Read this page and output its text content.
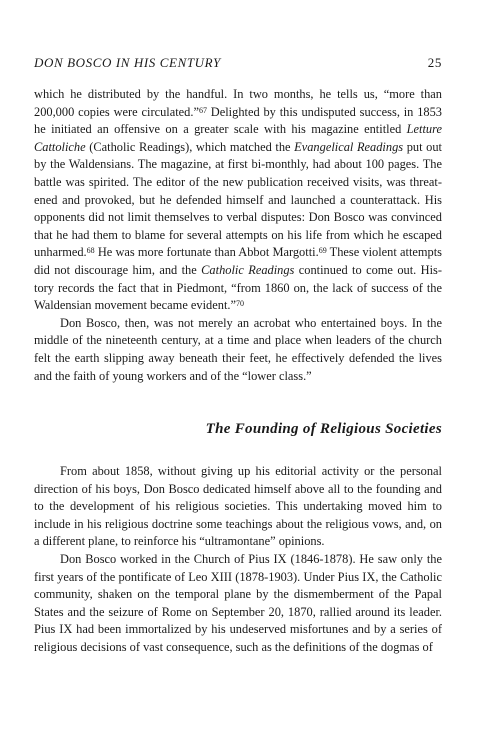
DON BOSCO IN HIS CENTURY	25

which he distributed by the handful. In two months, he tells us, “more than 200,000 copies were circulated.”$^{67}$ Delighted by this undisputed success, in 1853 he initiated an offensive on a greater scale with his magazine entitled Letture Cattoliche (Catholic Readings), which matched the Evangelical Readings put out by the Waldensians. The magazine, at first bi-monthly, had about 100 pages. The battle was spirited. The editor of the new publication received visits, was threatened and provoked, but he defended himself and launched a counterattack. His opponents did not limit themselves to verbal disputes: Don Bosco was convinced that he had them to blame for several attempts on his life from which he escaped unharmed.$^{68}$ He was more fortunate than Abbot Margotti.$^{69}$ These violent attempts did not discourage him, and the Catholic Readings continued to come out. History records the fact that in Piedmont, “from 1860 on, the lack of success of the Waldensian movement became evident.”$^{70}$

Don Bosco, then, was not merely an acrobat who entertained boys. In the middle of the nineteenth century, at a time and place when leaders of the church felt the earth slipping away beneath their feet, he effectively defended the lives and the faith of young workers and of the “lower class.”

The Founding of Religious Societies

From about 1858, without giving up his editorial activity or the personal direction of his boys, Don Bosco dedicated himself above all to the founding and to the development of his religious societies. This undertaking moved him to include in his religious doctrine some teachings about the religious vows, and, on a different plane, to reinforce his “ultramontane” opinions.

Don Bosco worked in the Church of Pius IX (1846-1878). He saw only the first years of the pontificate of Leo XIII (1878-1903). Under Pius IX, the Catholic community, shaken on the temporal plane by the dismemberment of the Papal States and the seizure of Rome on September 20, 1870, rallied around its leader. Pius IX had been immortalized by his undeserved misfortunes and by a series of religious decisions of vast consequence, such as the definitions of the dogmas of
